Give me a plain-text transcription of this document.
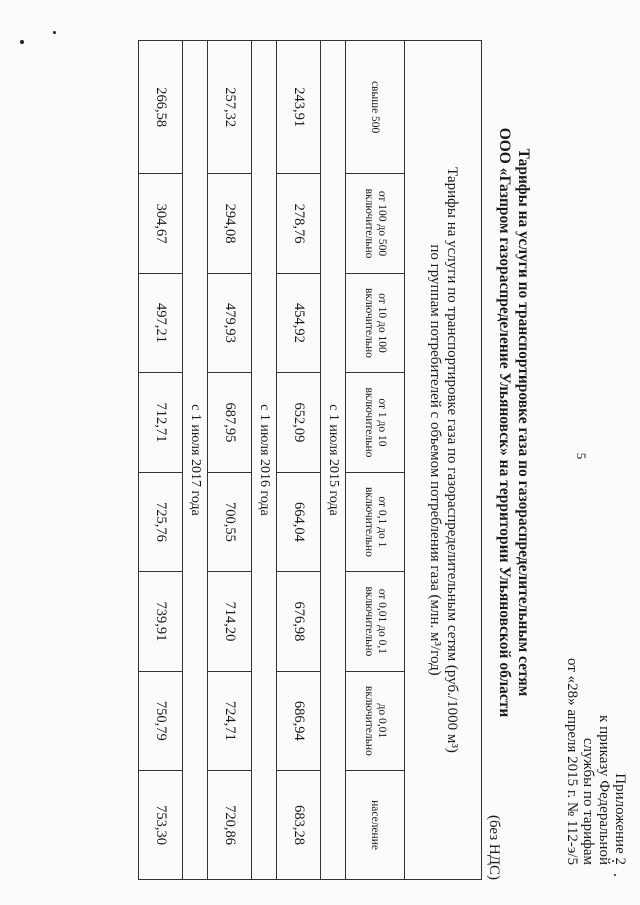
5
Приложение 2
к приказу Федеральной
службы по тарифам
от «28» апреля 2015 г. № 112-э/5
Тарифы на услуги по транспортировке газа по газораспределительным сетям
ООО «Газпром газораспределение Ульяновск» на территории Ульяновской области
(без НДС)
Тарифы на услуги по транспортировке газа по газораспределительным сетям (руб./1000 м³)
по группам потребителей с объемом потребления газа (млн. м³/год)							

свыше 500	от 100 до 500 включительно	от 10 до 100 включительно	от 1 до 10 включительно	от 0,1 до 1 включительно	от 0,01 до 0,1 включительно	до 0,01 включительно	население
с 1 июля 2015 года							
243,91	278,76	454,92	652,09	664,04	676,98	686,94	683,28
с 1 июля 2016 года							
257,32	294,08	479,93	687,95	700,55	714,20	724,71	720,86
с 1 июля 2017 года							
266,58	304,67	497,21	712,71	725,76	739,91	750,79	753,30
